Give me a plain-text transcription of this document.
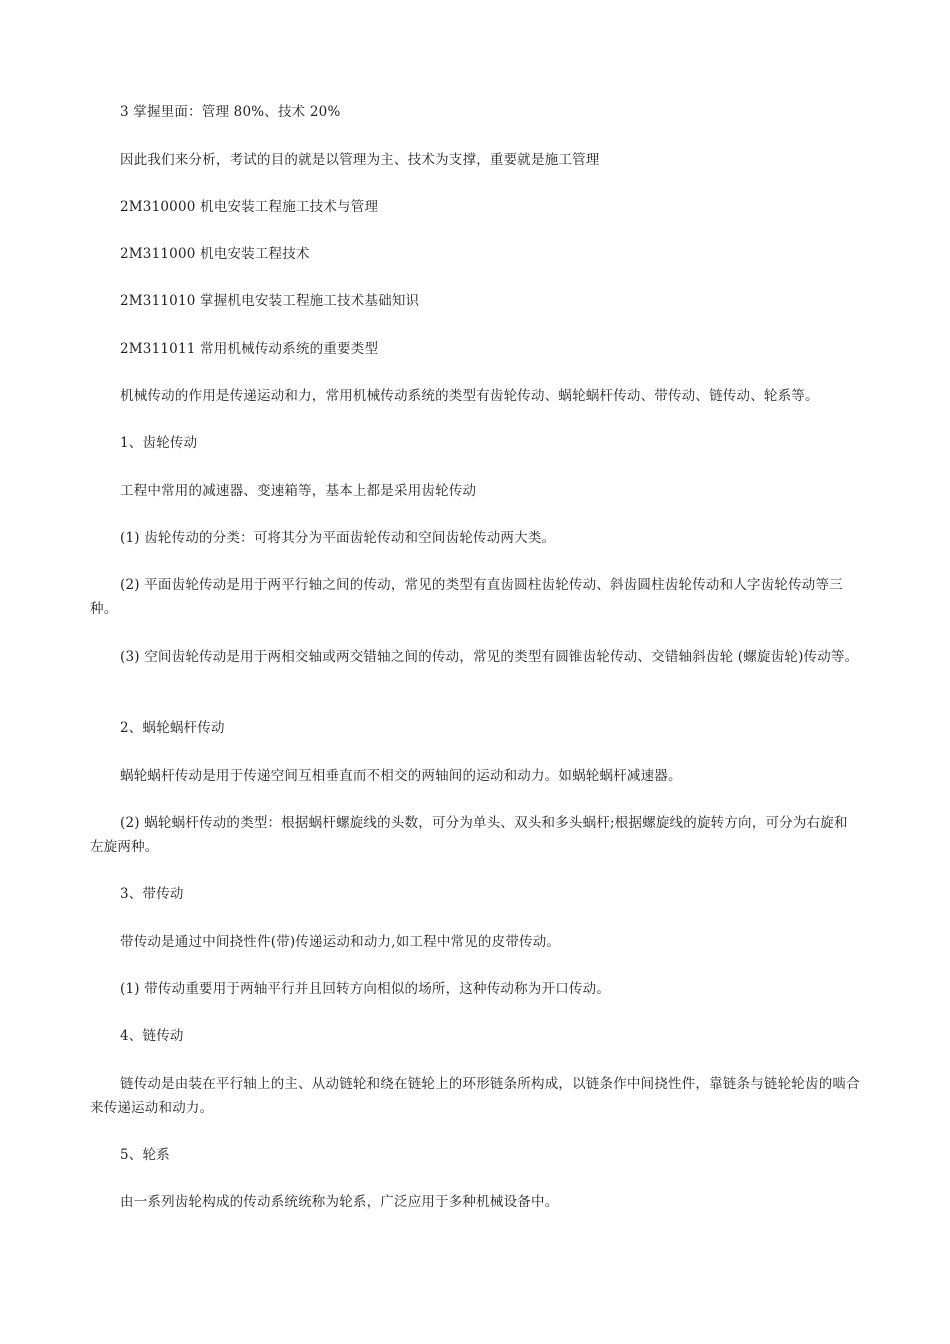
3 掌握里面：管理 80%、技术 20%

因此我们来分析，考试的目的就是以管理为主、技术为支撑，重要就是施工管理

2M310000 机电安装工程施工技术与管理

2M311000 机电安装工程技术

2M311010 掌握机电安装工程施工技术基础知识

2M311011 常用机械传动系统的重要类型

机械传动的作用是传递运动和力，常用机械传动系统的类型有齿轮传动、蜗轮蜗杆传动、带传动、链传动、轮系等。

1、齿轮传动

工程中常用的减速器、变速箱等，基本上都是采用齿轮传动

(1) 齿轮传动的分类：可将其分为平面齿轮传动和空间齿轮传动两大类。

(2) 平面齿轮传动是用于两平行轴之间的传动，常见的类型有直齿圆柱齿轮传动、斜齿圆柱齿轮传动和人字齿轮传动等三种。

(3) 空间齿轮传动是用于两相交轴或两交错轴之间的传动，常见的类型有圆锥齿轮传动、交错轴斜齿轮 (螺旋齿轮)传动等。

2、蜗轮蜗杆传动

蜗轮蜗杆传动是用于传递空间互相垂直而不相交的两轴间的运动和动力。如蜗轮蜗杆减速器。

(2) 蜗轮蜗杆传动的类型：根据蜗杆螺旋线的头数，可分为单头、双头和多头蜗杆;根据螺旋线的旋转方向，可分为右旋和左旋两种。

3、带传动

带传动是通过中间挠性件(带)传递运动和动力,如工程中常见的皮带传动。

(1) 带传动重要用于两轴平行并且回转方向相似的场所，这种传动称为开口传动。

4、链传动

链传动是由装在平行轴上的主、从动链轮和绕在链轮上的环形链条所构成，以链条作中间挠性件，靠链条与链轮轮齿的啮合来传递运动和动力。

5、轮系

由一系列齿轮构成的传动系统统称为轮系，广泛应用于多种机械设备中。
